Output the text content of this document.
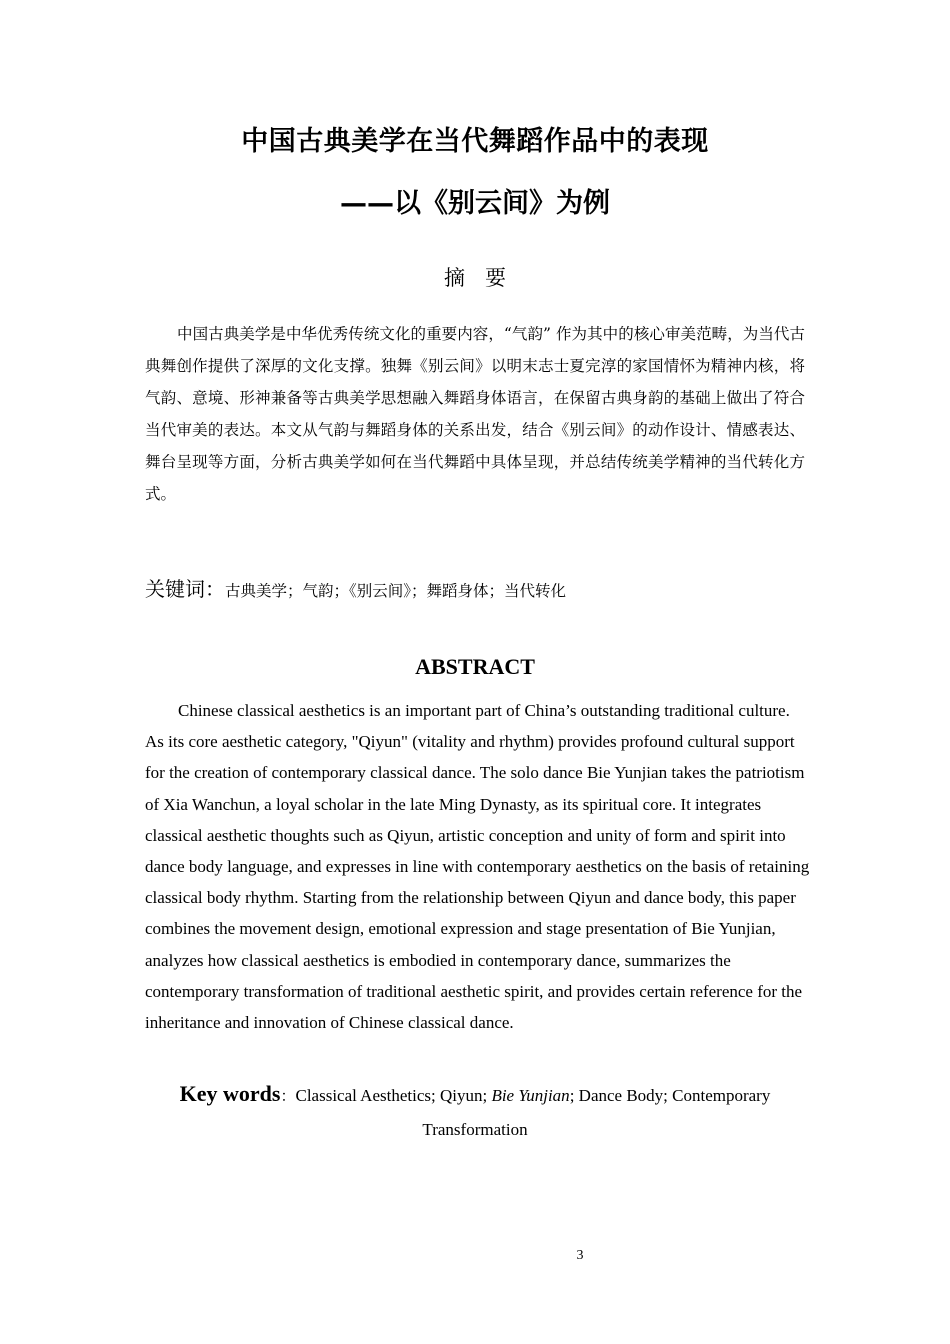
中国古典美学在当代舞蹈作品中的表现
——以《别云间》为例
摘要
中国古典美学是中华优秀传统文化的重要内容，“气韵” 作为其中的核心审美范畴，为当代古典舞创作提供了深厚的文化支撑。独舞《别云间》以明末志士夏完淳的家国情怀为精神内核，将气韵、意境、形神兼备等古典美学思想融入舞蹈身体语言，在保留古典身韵的基础上做出了符合当代审美的表达。本文从气韵与舞蹈身体的关系出发，结合《别云间》的动作设计、情感表达、舞台呈现等方面，分析古典美学如何在当代舞蹈中具体呈现，并总结传统美学精神的当代转化方式。
关键词：古典美学；气韵；《别云间》；舞蹈身体；当代转化
ABSTRACT
Chinese classical aesthetics is an important part of China’s outstanding traditional culture. As its core aesthetic category, "Qiyun" (vitality and rhythm) provides profound cultural support for the creation of contemporary classical dance. The solo dance Bie Yunjian takes the patriotism of Xia Wanchun, a loyal scholar in the late Ming Dynasty, as its spiritual core. It integrates classical aesthetic thoughts such as Qiyun, artistic conception and unity of form and spirit into dance body language, and expresses in line with contemporary aesthetics on the basis of retaining classical body rhythm. Starting from the relationship between Qiyun and dance body, this paper combines the movement design, emotional expression and stage presentation of Bie Yunjian, analyzes how classical aesthetics is embodied in contemporary dance, summarizes the contemporary transformation of traditional aesthetic spirit, and provides certain reference for the inheritance and innovation of Chinese classical dance.
Key words：Classical Aesthetics; Qiyun; Bie Yunjian; Dance Body; Contemporary Transformation
3
